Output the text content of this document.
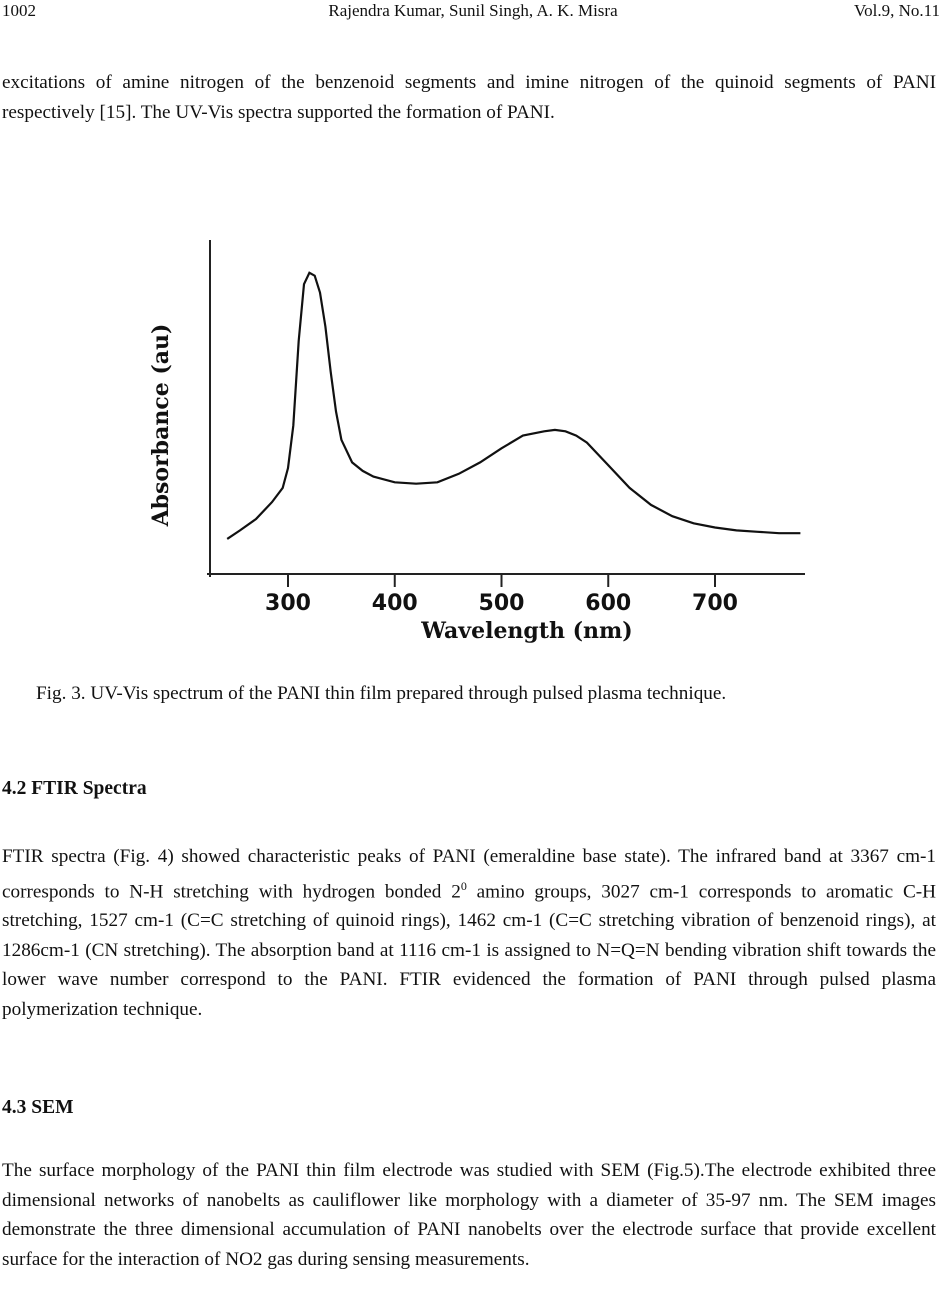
1002	Rajendra Kumar, Sunil Singh, A. K. Misra	Vol.9, No.11

excitations of amine nitrogen of the benzenoid segments and imine nitrogen of the quinoid segments of PANI respectively [15]. The UV-Vis spectra supported the formation of PANI.

300	400	500	600	700
Wavelength (nm)
Absorbance (au)

Fig. 3. UV-Vis spectrum of the PANI thin film prepared through pulsed plasma technique.

4.2 FTIR Spectra

FTIR spectra (Fig. 4) showed characteristic peaks of PANI (emeraldine base state). The infrared band at 3367 cm-1 corresponds to N-H stretching with hydrogen bonded $2^0$ amino groups, 3027 cm-1 corresponds to aromatic C-H stretching, 1527 cm-1 (C=C stretching of quinoid rings), 1462 cm-1 (C=C stretching vibration of benzenoid rings), at 1286cm-1 (CN stretching). The absorption band at 1116 cm-1 is assigned to N=Q=N bending vibration shift towards the lower wave number correspond to the PANI. FTIR evidenced the formation of PANI through pulsed plasma polymerization technique.

4.3 SEM

The surface morphology of the PANI thin film electrode was studied with SEM (Fig.5).The electrode exhibited three dimensional networks of nanobelts as cauliflower like morphology with a diameter of 35-97 nm. The SEM images demonstrate the three dimensional accumulation of PANI nanobelts over the electrode surface that provide excellent surface for the interaction of NO2 gas during sensing measurements.
